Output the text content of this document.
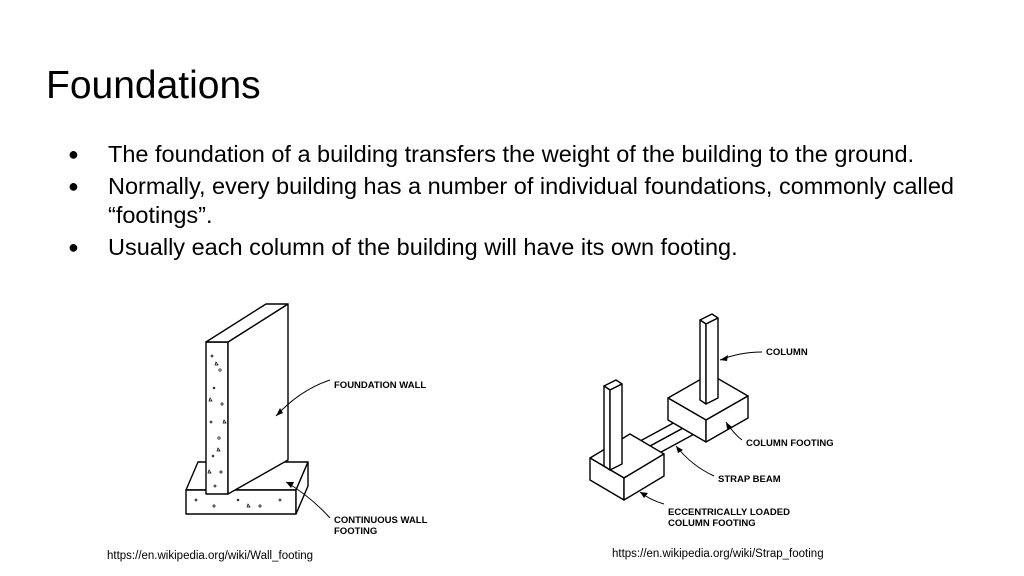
Foundations
● The foundation of a building transfers the weight of the building to the ground.
● Normally, every building has a number of individual foundations, commonly called “footings”.
● Usually each column of the building will have its own footing.
FOUNDATION WALL
CONTINUOUS WALL
FOOTING
COLUMN
COLUMN FOOTING
STRAP BEAM
ECCENTRICALLY LOADED
COLUMN FOOTING
https://en.wikipedia.org/wiki/Wall_footing	https://en.wikipedia.org/wiki/Strap_footing
